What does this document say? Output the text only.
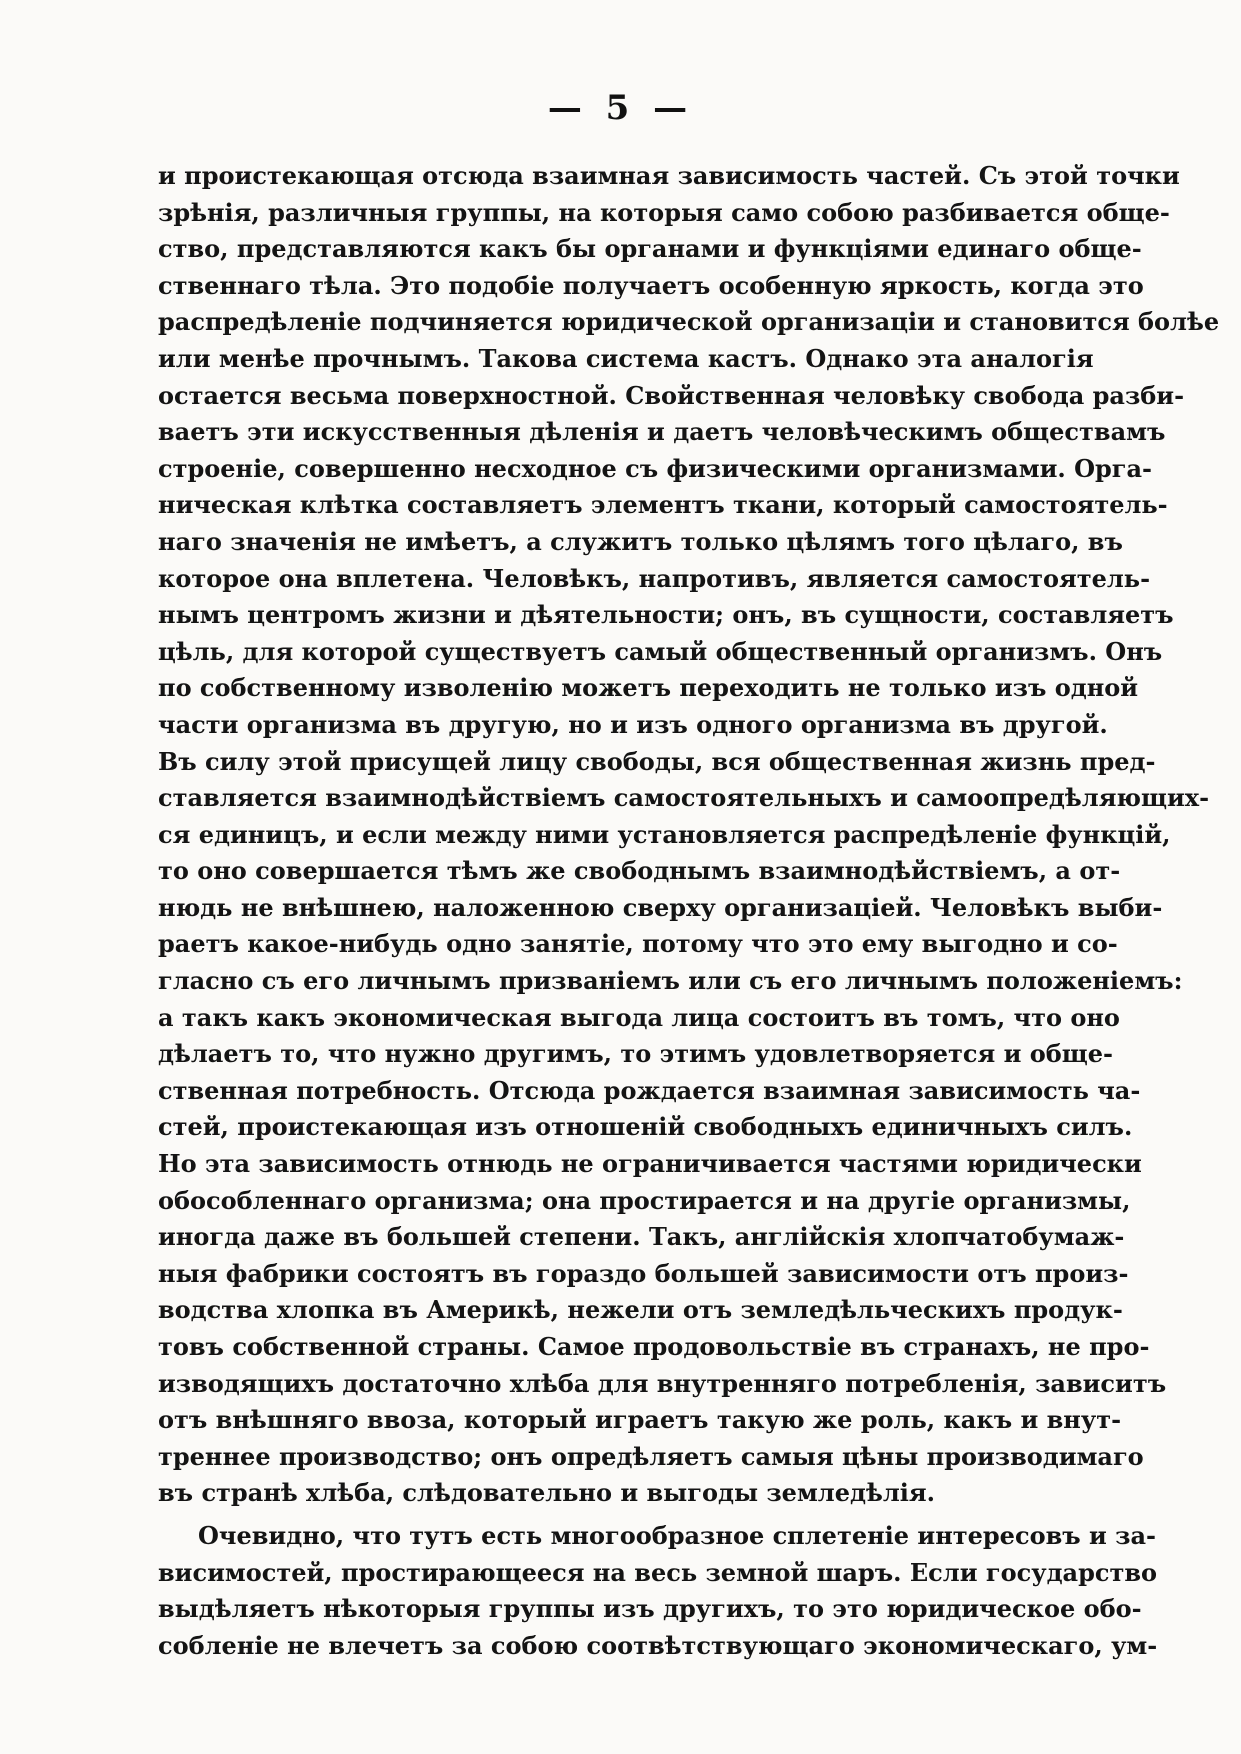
— 5 —
и проистекающая отсюда взаимная зависимость частей. Съ этой точки
зрѣнія, различныя группы, на которыя само собою разбивается обще-
ство, представляются какъ бы органами и функціями единаго обще-
ственнаго тѣла. Это подобіе получаетъ особенную яркость, когда это
распредѣленіе подчиняется юридической организаціи и становится болѣе
или менѣе прочнымъ. Такова система кастъ. Однако эта аналогія
остается весьма поверхностной. Свойственная человѣку свобода разби-
ваетъ эти искусственныя дѣленія и даетъ человѣческимъ обществамъ
строеніе, совершенно несходное съ физическими организмами. Орга-
ническая клѣтка составляетъ элементъ ткани, который самостоятель-
наго значенія не имѣетъ, а служитъ только цѣлямъ того цѣлаго, въ
которое она вплетена. Человѣкъ, напротивъ, является самостоятель-
нымъ центромъ жизни и дѣятельности; онъ, въ сущности, составляетъ
цѣль, для которой существуетъ самый общественный организмъ. Онъ
по собственному изволенію можетъ переходить не только изъ одной
части организма въ другую, но и изъ одного организма въ другой.
Въ силу этой присущей лицу свободы, вся общественная жизнь пред-
ставляется взаимнодѣйствіемъ самостоятельныхъ и самоопредѣляющих-
ся единицъ, и если между ними установляется распредѣленіе функцій,
то оно совершается тѣмъ же свободнымъ взаимнодѣйствіемъ, а от-
нюдь не внѣшнею, наложенною сверху организаціей. Человѣкъ выби-
раетъ какое-нибудь одно занятіе, потому что это ему выгодно и со-
гласно съ его личнымъ призваніемъ или съ его личнымъ положеніемъ:
а такъ какъ экономическая выгода лица состоитъ въ томъ, что оно
дѣлаетъ то, что нужно другимъ, то этимъ удовлетворяется и обще-
ственная потребность. Отсюда рождается взаимная зависимость ча-
стей, проистекающая изъ отношеній свободныхъ единичныхъ силъ.
Но эта зависимость отнюдь не ограничивается частями юридически
обособленнаго организма; она простирается и на другіе организмы,
иногда даже въ большей степени. Такъ, англійскія хлопчатобумаж-
ныя фабрики состоятъ въ гораздо большей зависимости отъ произ-
водства хлопка въ Америкѣ, нежели отъ земледѣльческихъ продук-
товъ собственной страны. Самое продовольствіе въ странахъ, не про-
изводящихъ достаточно хлѣба для внутренняго потребленія, зависитъ
отъ внѣшняго ввоза, который играетъ такую же роль, какъ и внут-
треннее производство; онъ опредѣляетъ самыя цѣны производимаго
въ странѣ хлѣба, слѣдовательно и выгоды земледѣлія.
Очевидно, что тутъ есть многообразное сплетеніе интересовъ и за-
висимостей, простирающееся на весь земной шаръ. Если государство
выдѣляетъ нѣкоторыя группы изъ другихъ, то это юридическое обо-
собленіе не влечетъ за собою соотвѣтствующаго экономическаго, ум-
